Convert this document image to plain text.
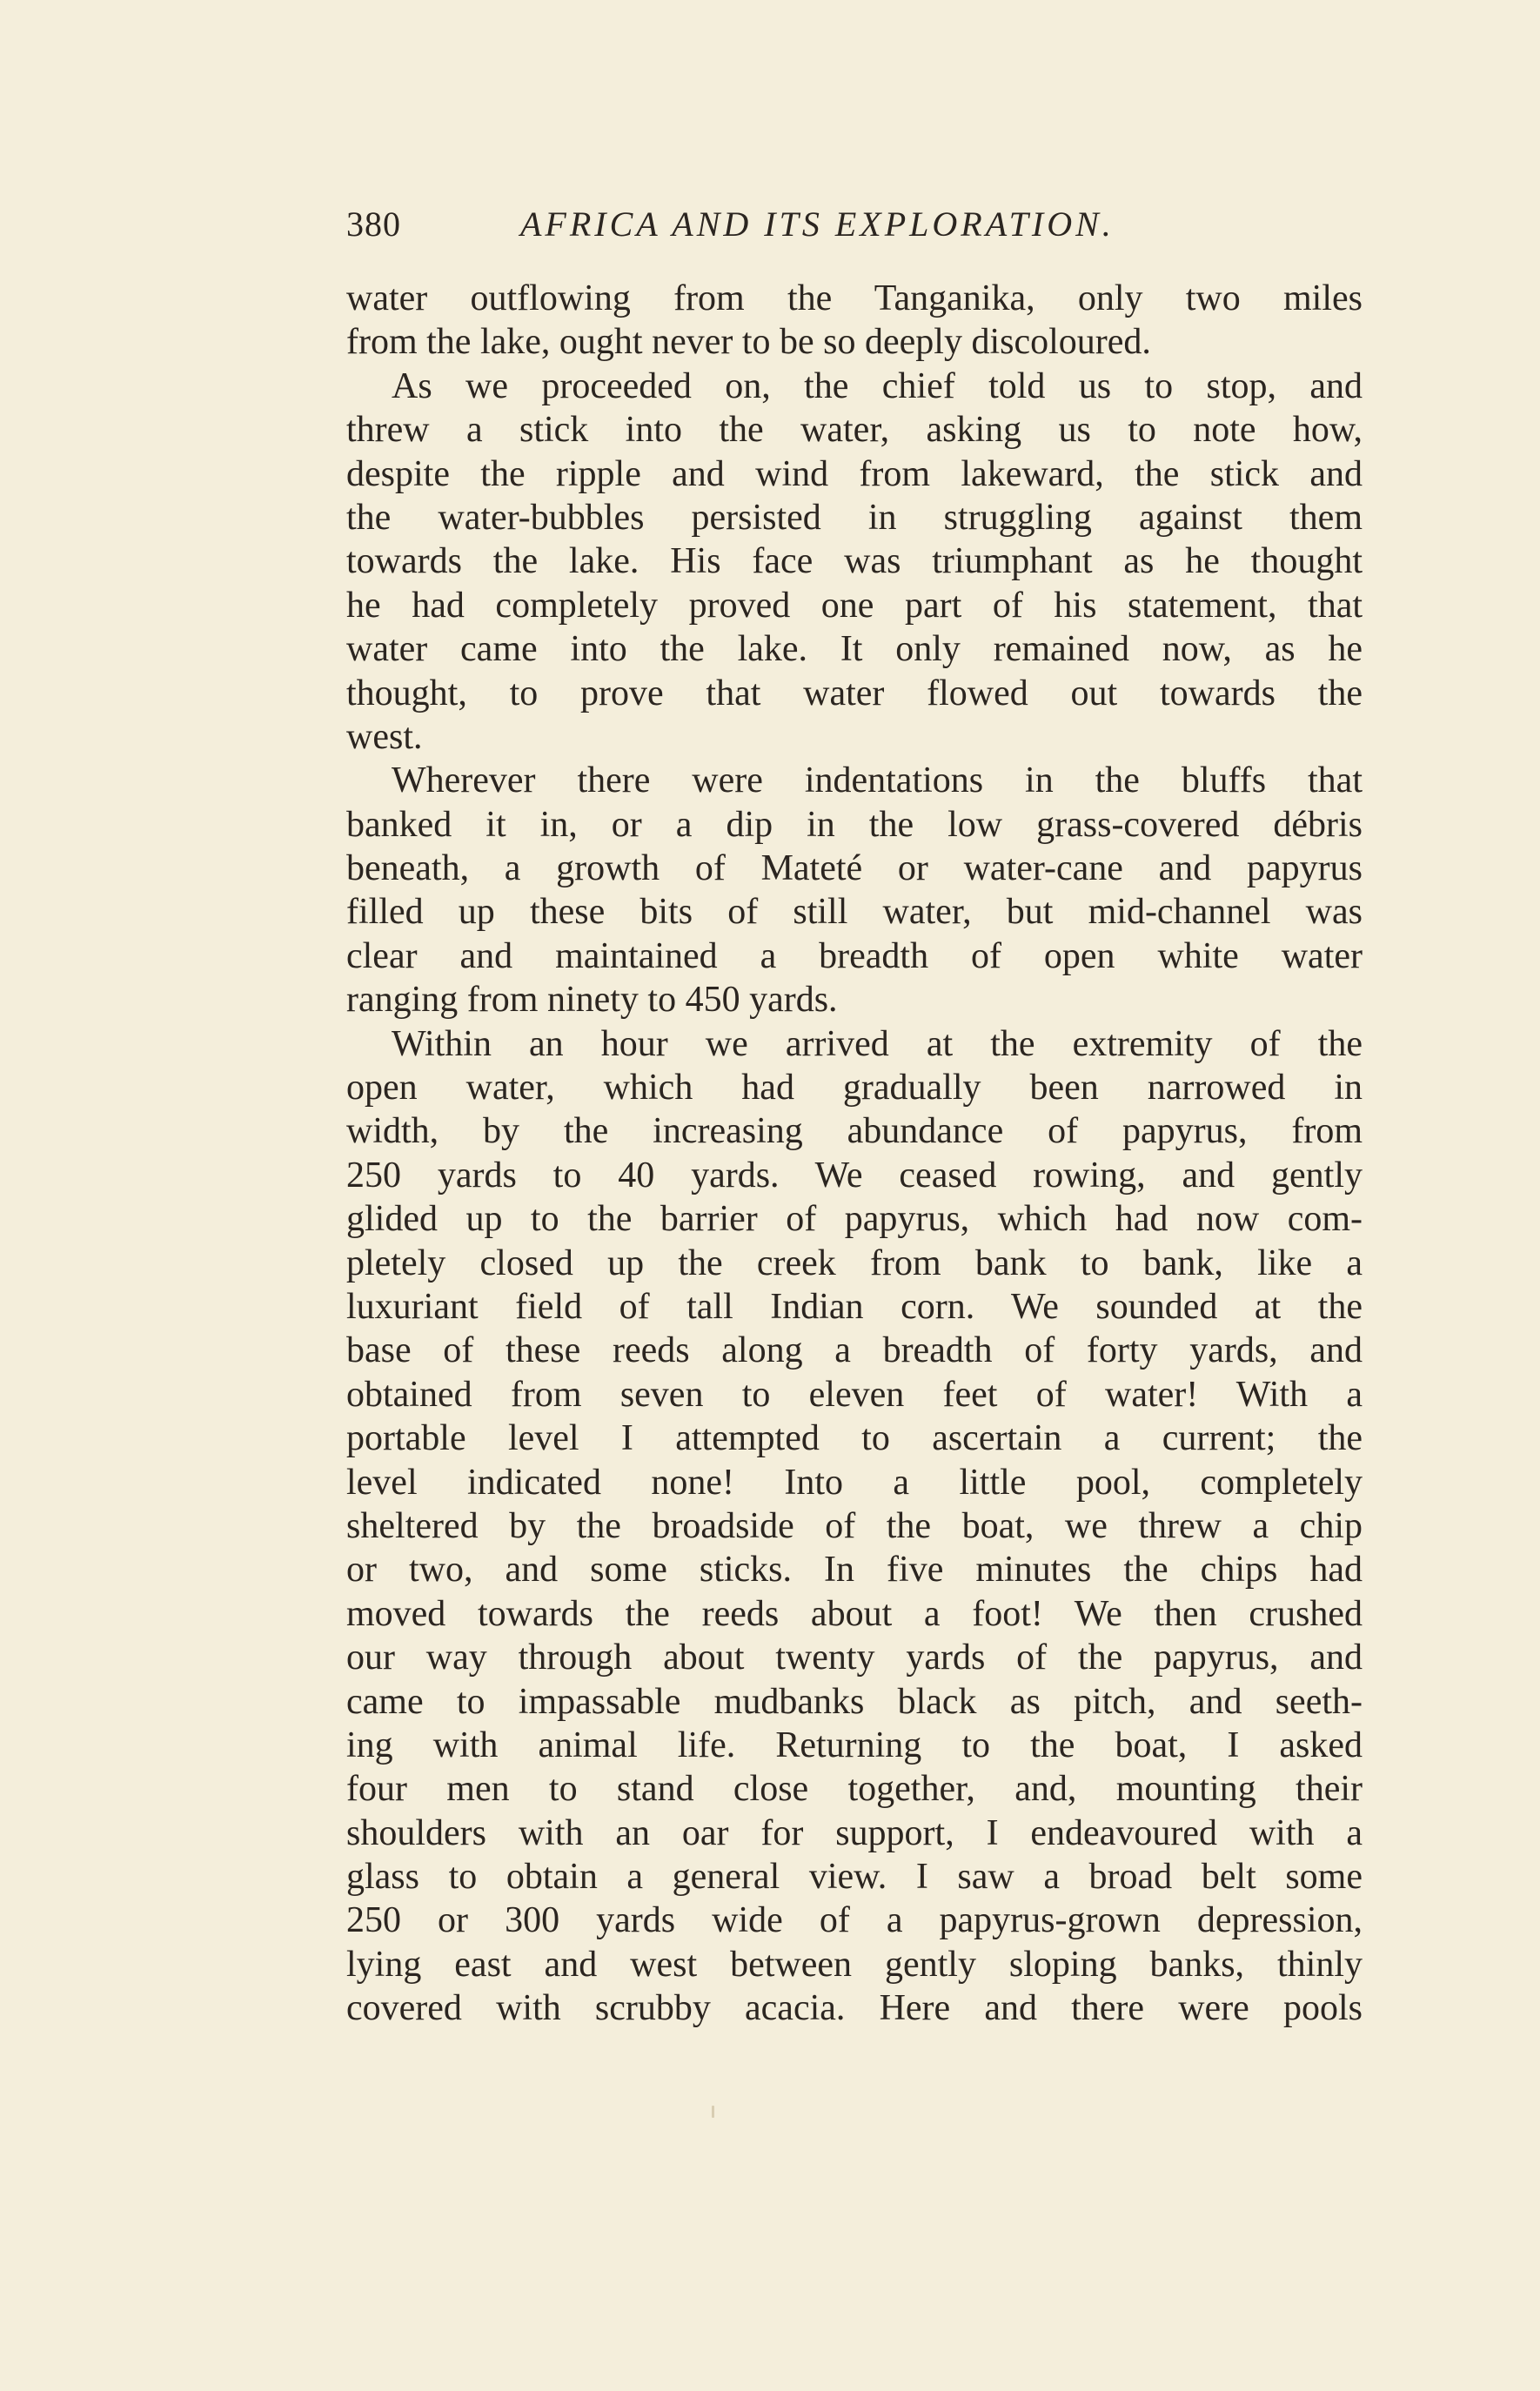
380	AFRICA AND ITS EXPLORATION.
water outflowing from the Tanganika, only two miles
from the lake, ought never to be so deeply discoloured.
As we proceeded on, the chief told us to stop, and
threw a stick into the water, asking us to note how,
despite the ripple and wind from lakeward, the stick and
the water-bubbles persisted in struggling against them
towards the lake. His face was triumphant as he thought
he had completely proved one part of his statement, that
water came into the lake. It only remained now, as he
thought, to prove that water flowed out towards the
west.
Wherever there were indentations in the bluffs that
banked it in, or a dip in the low grass-covered débris
beneath, a growth of Mateté or water-cane and papyrus
filled up these bits of still water, but mid-channel was
clear and maintained a breadth of open white water
ranging from ninety to 450 yards.
Within an hour we arrived at the extremity of the
open water, which had gradually been narrowed in
width, by the increasing abundance of papyrus, from
250 yards to 40 yards. We ceased rowing, and gently
glided up to the barrier of papyrus, which had now com-
pletely closed up the creek from bank to bank, like a
luxuriant field of tall Indian corn. We sounded at the
base of these reeds along a breadth of forty yards, and
obtained from seven to eleven feet of water! With a
portable level I attempted to ascertain a current; the
level indicated none! Into a little pool, completely
sheltered by the broadside of the boat, we threw a chip
or two, and some sticks. In five minutes the chips had
moved towards the reeds about a foot! We then crushed
our way through about twenty yards of the papyrus, and
came to impassable mudbanks black as pitch, and seeth-
ing with animal life. Returning to the boat, I asked
four men to stand close together, and, mounting their
shoulders with an oar for support, I endeavoured with a
glass to obtain a general view. I saw a broad belt some
250 or 300 yards wide of a papyrus-grown depression,
lying east and west between gently sloping banks, thinly
covered with scrubby acacia. Here and there were pools
